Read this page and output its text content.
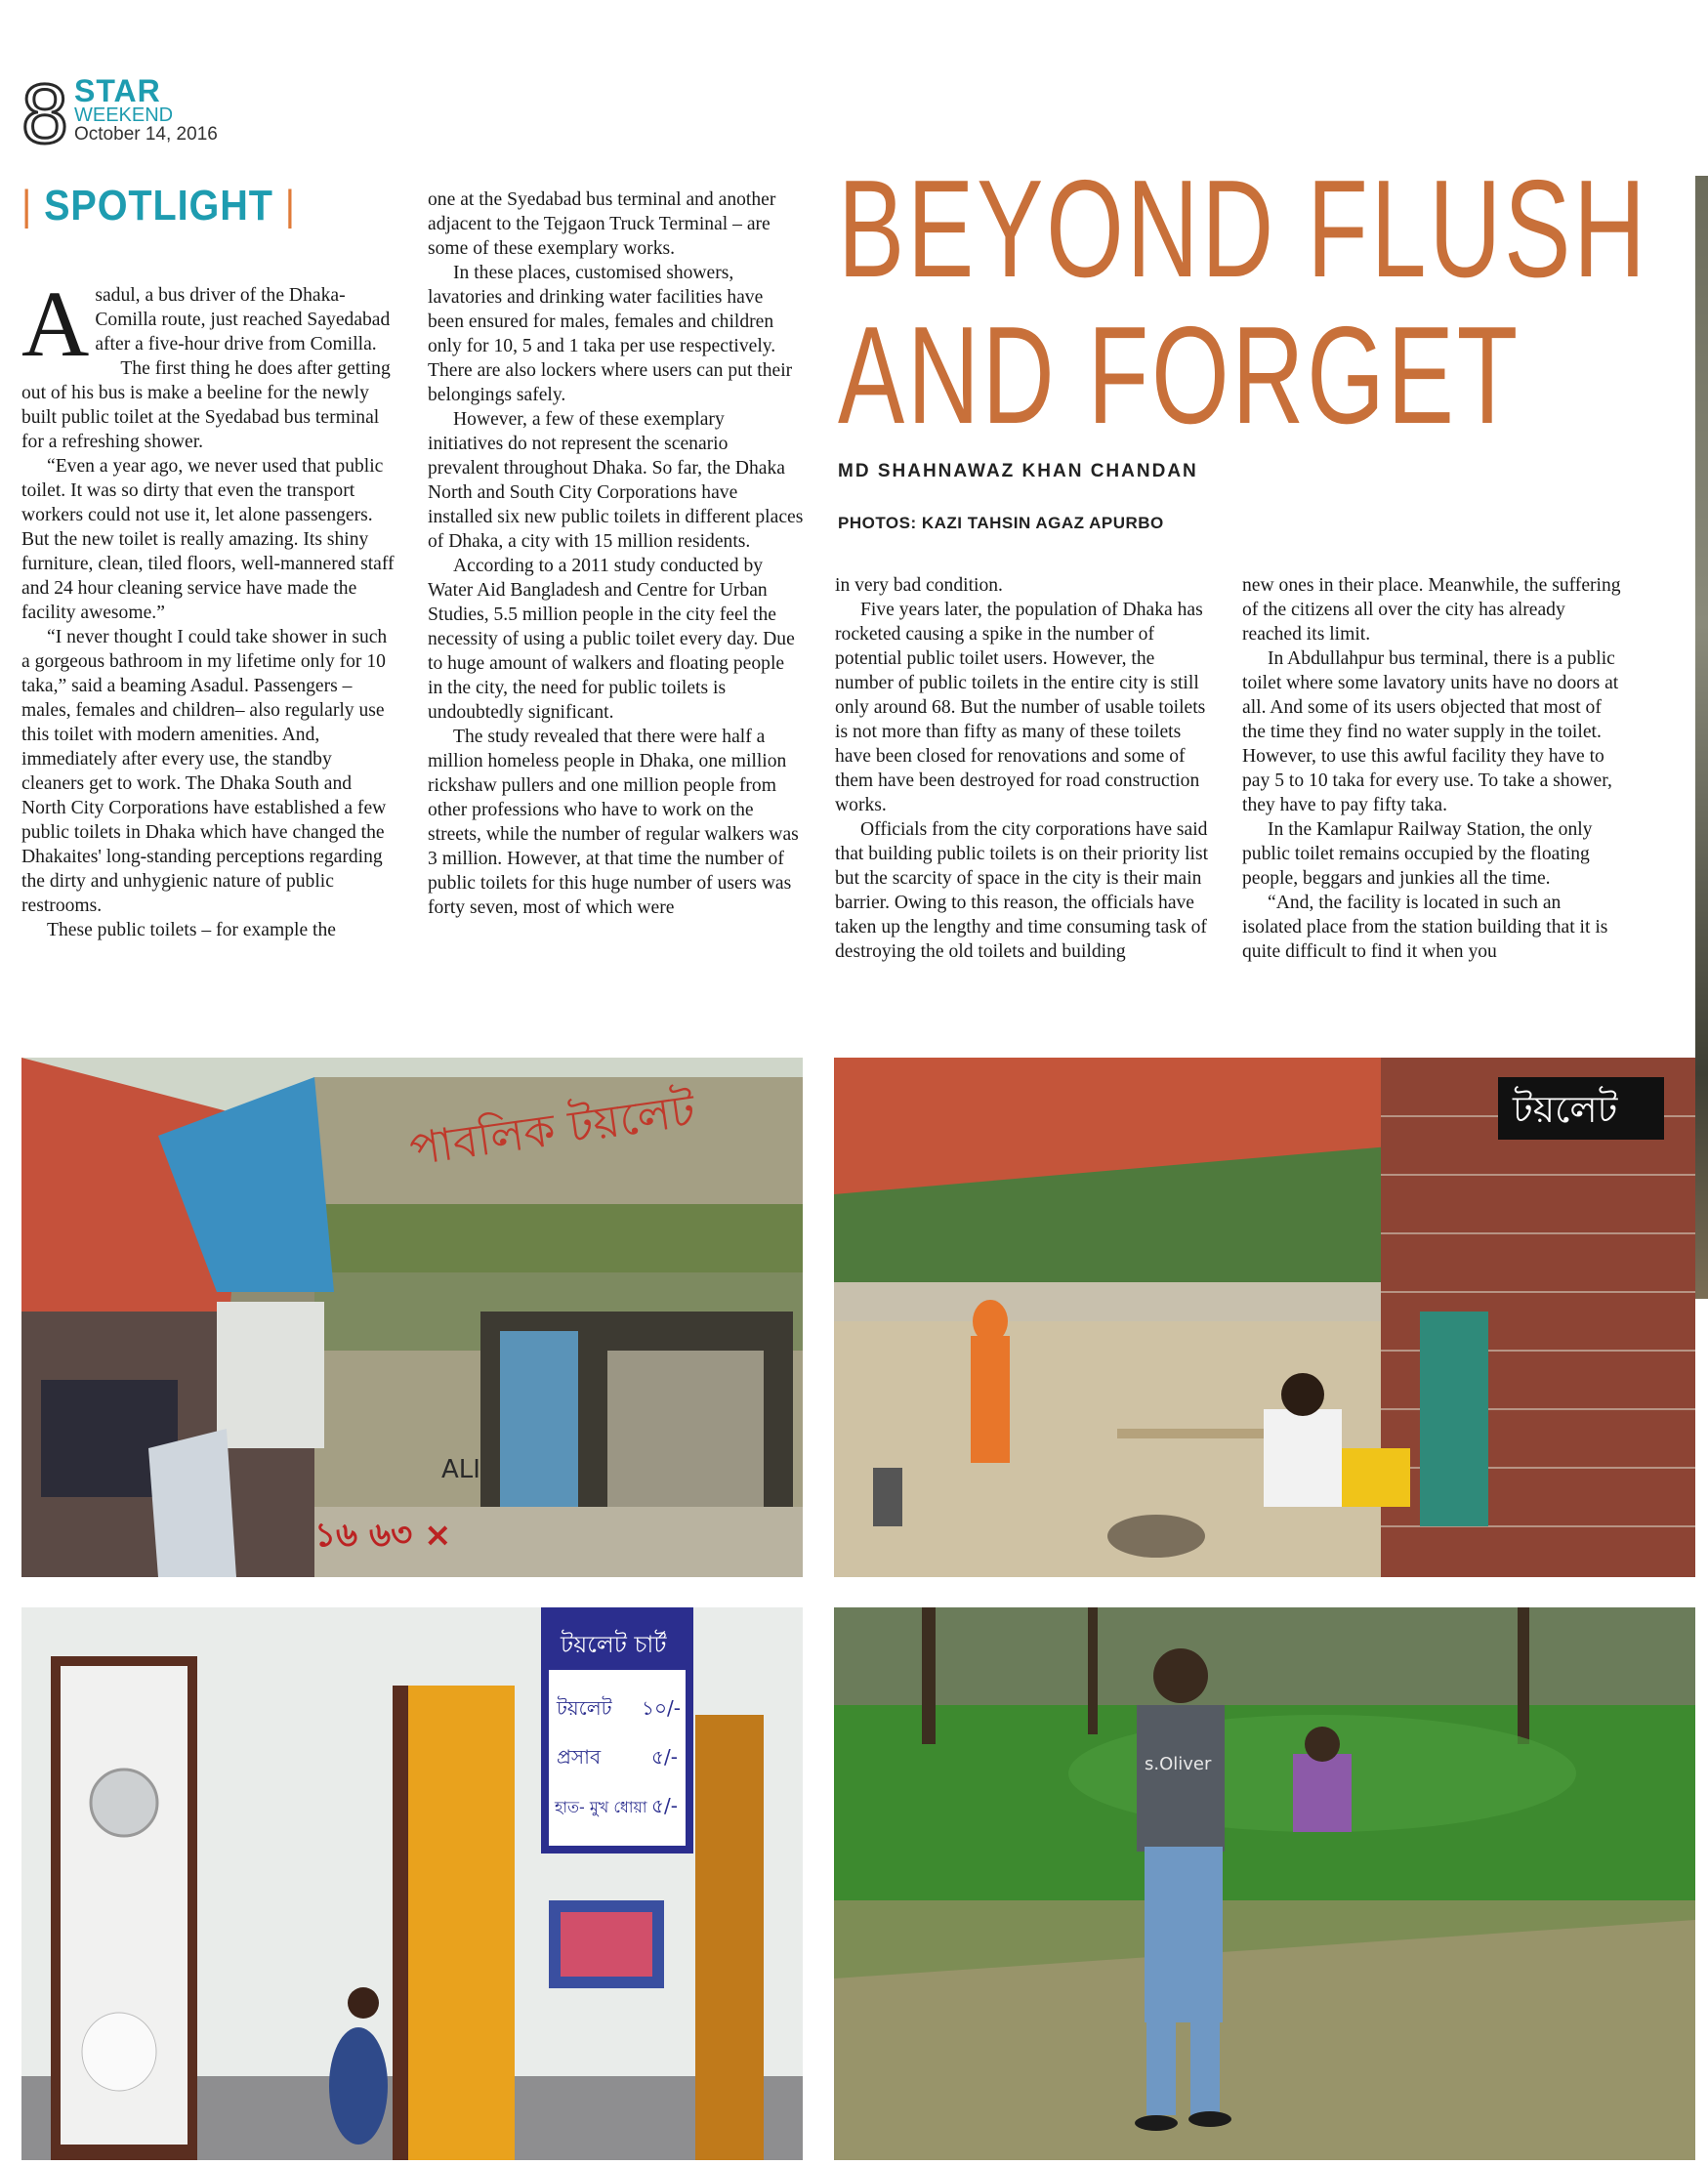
8 STAR
WEEKEND
October 14, 2016
| SPOTLIGHT |	BEYOND FLUSH
AND FORGET
MD SHAHNAWAZ KHAN CHANDAN
PHOTOS: KAZI TAHSIN AGAZ APURBO

Asadul, a bus driver of the Dhaka-Comilla route, just reached Sayedabad after a five-hour drive from Comilla.

The first thing he does after getting out of his bus is make a beeline for the newly built public toilet at the Syedabad bus terminal for a refreshing shower.

“Even a year ago, we never used that public toilet. It was so dirty that even the transport workers could not use it, let alone passengers. But the new toilet is really amazing. Its shiny furniture, clean, tiled floors, well-mannered staff and 24 hour cleaning service have made the facility awesome.”

“I never thought I could take shower in such a gorgeous bathroom in my lifetime only for 10 taka,” said a beaming Asadul. Passengers – males, females and children– also regularly use this toilet with modern amenities. And, immediately after every use, the standby cleaners get to work. The Dhaka South and North City Corporations have established a few public toilets in Dhaka which have changed the Dhakaites' long-standing perceptions regarding the dirty and unhygienic nature of public restrooms.

These public toilets – for example the

one at the Syedabad bus terminal and another adjacent to the Tejgaon Truck Terminal – are some of these exemplary works.

In these places, customised showers, lavatories and drinking water facilities have been ensured for males, females and children only for 10, 5 and 1 taka per use respectively. There are also lockers where users can put their belongings safely.

However, a few of these exemplary initiatives do not represent the scenario prevalent throughout Dhaka. So far, the Dhaka North and South City Corporations have installed six new public toilets in different places of Dhaka, a city with 15 million residents.

According to a 2011 study conducted by Water Aid Bangladesh and Centre for Urban Studies, 5.5 million people in the city feel the necessity of using a public toilet every day. Due to huge amount of walkers and floating people in the city, the need for public toilets is undoubtedly significant.

The study revealed that there were half a million homeless people in Dhaka, one million rickshaw pullers and one million people from other professions who have to work on the streets, while the number of regular walkers was 3 million. However, at that time the number of public toilets for this huge number of users was forty seven, most of which were

in very bad condition.

Five years later, the population of Dhaka has rocketed causing a spike in the number of potential public toilet users. However, the number of public toilets in the entire city is still only around 68. But the number of usable toilets is not more than fifty as many of these toilets have been closed for renovations and some of them have been destroyed for road construction works.

Officials from the city corporations have said that building public toilets is on their priority list but the scarcity of space in the city is their main barrier. Owing to this reason, the officials have taken up the lengthy and time consuming task of destroying the old toilets and building

new ones in their place. Meanwhile, the suffering of the citizens all over the city has already reached its limit.

In Abdullahpur bus terminal, there is a public toilet where some lavatory units have no doors at all. And some of its users objected that most of the time they find no water supply in the toilet. However, to use this awful facility they have to pay 5 to 10 taka for every use. To take a shower, they have to pay fifty taka.

In the Kamlapur Railway Station, the only public toilet remains occupied by the floating people, beggars and junkies all the time.

“And, the facility is located in such an isolated place from the station building that it is quite difficult to find it when you

পাবলিক টয়লেট
ALI
১৬ ৬৩ ×
টয়লেট
টয়লেট চার্ট
টয়লেট ১০/-
প্রসাব	৫/-
হাত- মুখ ধোয়া ৫/-
s.Oliver
